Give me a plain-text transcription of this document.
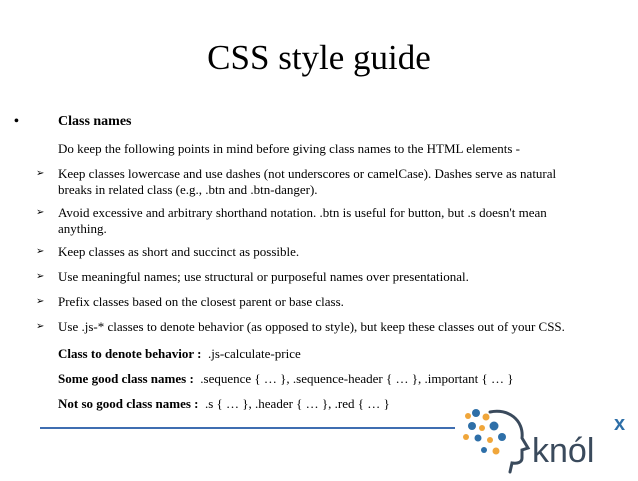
CSS style guide
•	Class names
Do keep the following points in mind before giving class names to the HTML elements -
➢ Keep classes lowercase and use dashes (not underscores or camelCase). Dashes serve as natural breaks in related class (e.g., .btn and .btn-danger).
➢ Avoid excessive and arbitrary shorthand notation. .btn is useful for button, but .s doesn't mean anything.
➢ Keep classes as short and succinct as possible.
➢ Use meaningful names; use structural or purposeful names over presentational.
➢ Prefix classes based on the closest parent or base class.
➢ Use .js-* classes to denote behavior (as opposed to style), but keep these classes out of your CSS.
Class to denote behavior :  .js-calculate-price
Some good class names :  .sequence { … }, .sequence-header { … }, .important { … }
Not so good class names :  .s { … }, .header { … }, .red { … }
knól
x
